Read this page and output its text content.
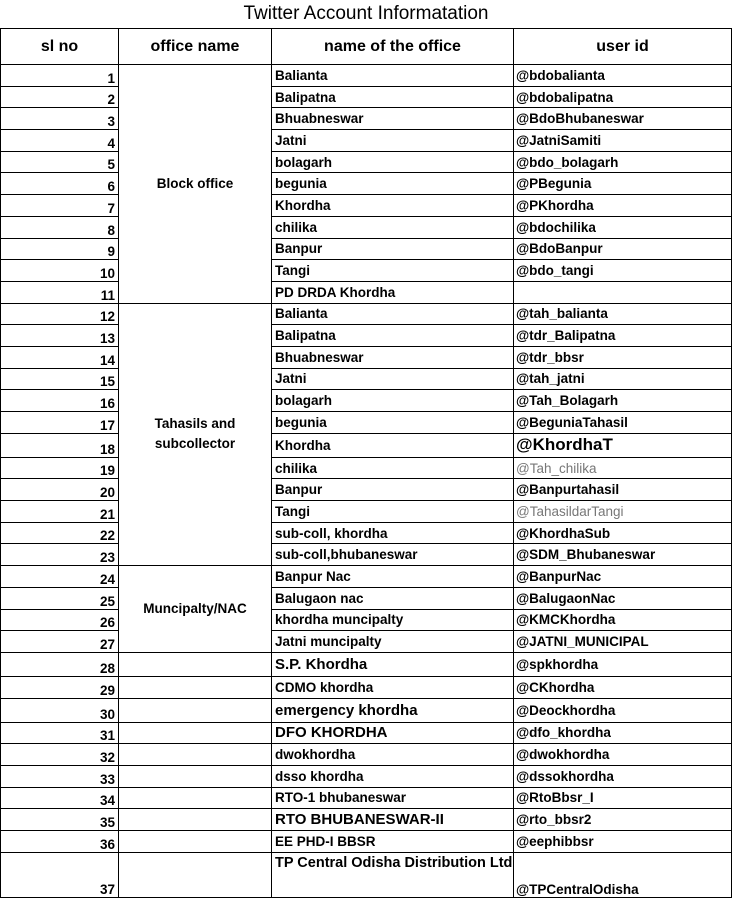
Twitter Account Informatation
sl no	office name	name of the office	user id
1	Block office	Balianta	@bdobalianta
2		Balipatna	@bdobalipatna
3		Bhuabneswar	@BdoBhubaneswar
4		Jatni	@JatniSamiti
5		bolagarh	@bdo_bolagarh
6		begunia	@PBegunia
7		Khordha	@PKhordha
8		chilika	@bdochilika
9		Banpur	@BdoBanpur
10		Tangi	@bdo_tangi
11		PD DRDA Khordha	
12	Tahasils and subcollector	Balianta	@tah_balianta
13		Balipatna	@tdr_Balipatna
14		Bhuabneswar	@tdr_bbsr
15		Jatni	@tah_jatni
16		bolagarh	@Tah_Bolagarh
17		begunia	@BeguniaTahasil
18		Khordha	@KhordhaT
19		chilika	@Tah_chilika
20		Banpur	@Banpurtahasil
21		Tangi	@TahasildarTangi
22		sub-coll, khordha	@KhordhaSub
23		sub-coll,bhubaneswar	@SDM_Bhubaneswar
24	Muncipalty/NAC	Banpur Nac	@BanpurNac
25		Balugaon nac	@BalugaonNac
26		khordha muncipalty	@KMCKhordha
27		Jatni muncipalty	@JATNI_MUNICIPAL
28		S.P. Khordha	@spkhordha
29		CDMO khordha	@CKhordha
30		emergency khordha	@Deockhordha
31		DFO KHORDHA	@dfo_khordha
32		dwokhordha	@dwokhordha
33		dsso khordha	@dssokhordha
34		RTO-1 bhubaneswar	@RtoBbsr_I
35		RTO BHUBANESWAR-II	@rto_bbsr2
36		EE PHD-I BBSR	@eephibbsr
37		TP Central Odisha Distribution Ltd	@TPCentralOdisha
